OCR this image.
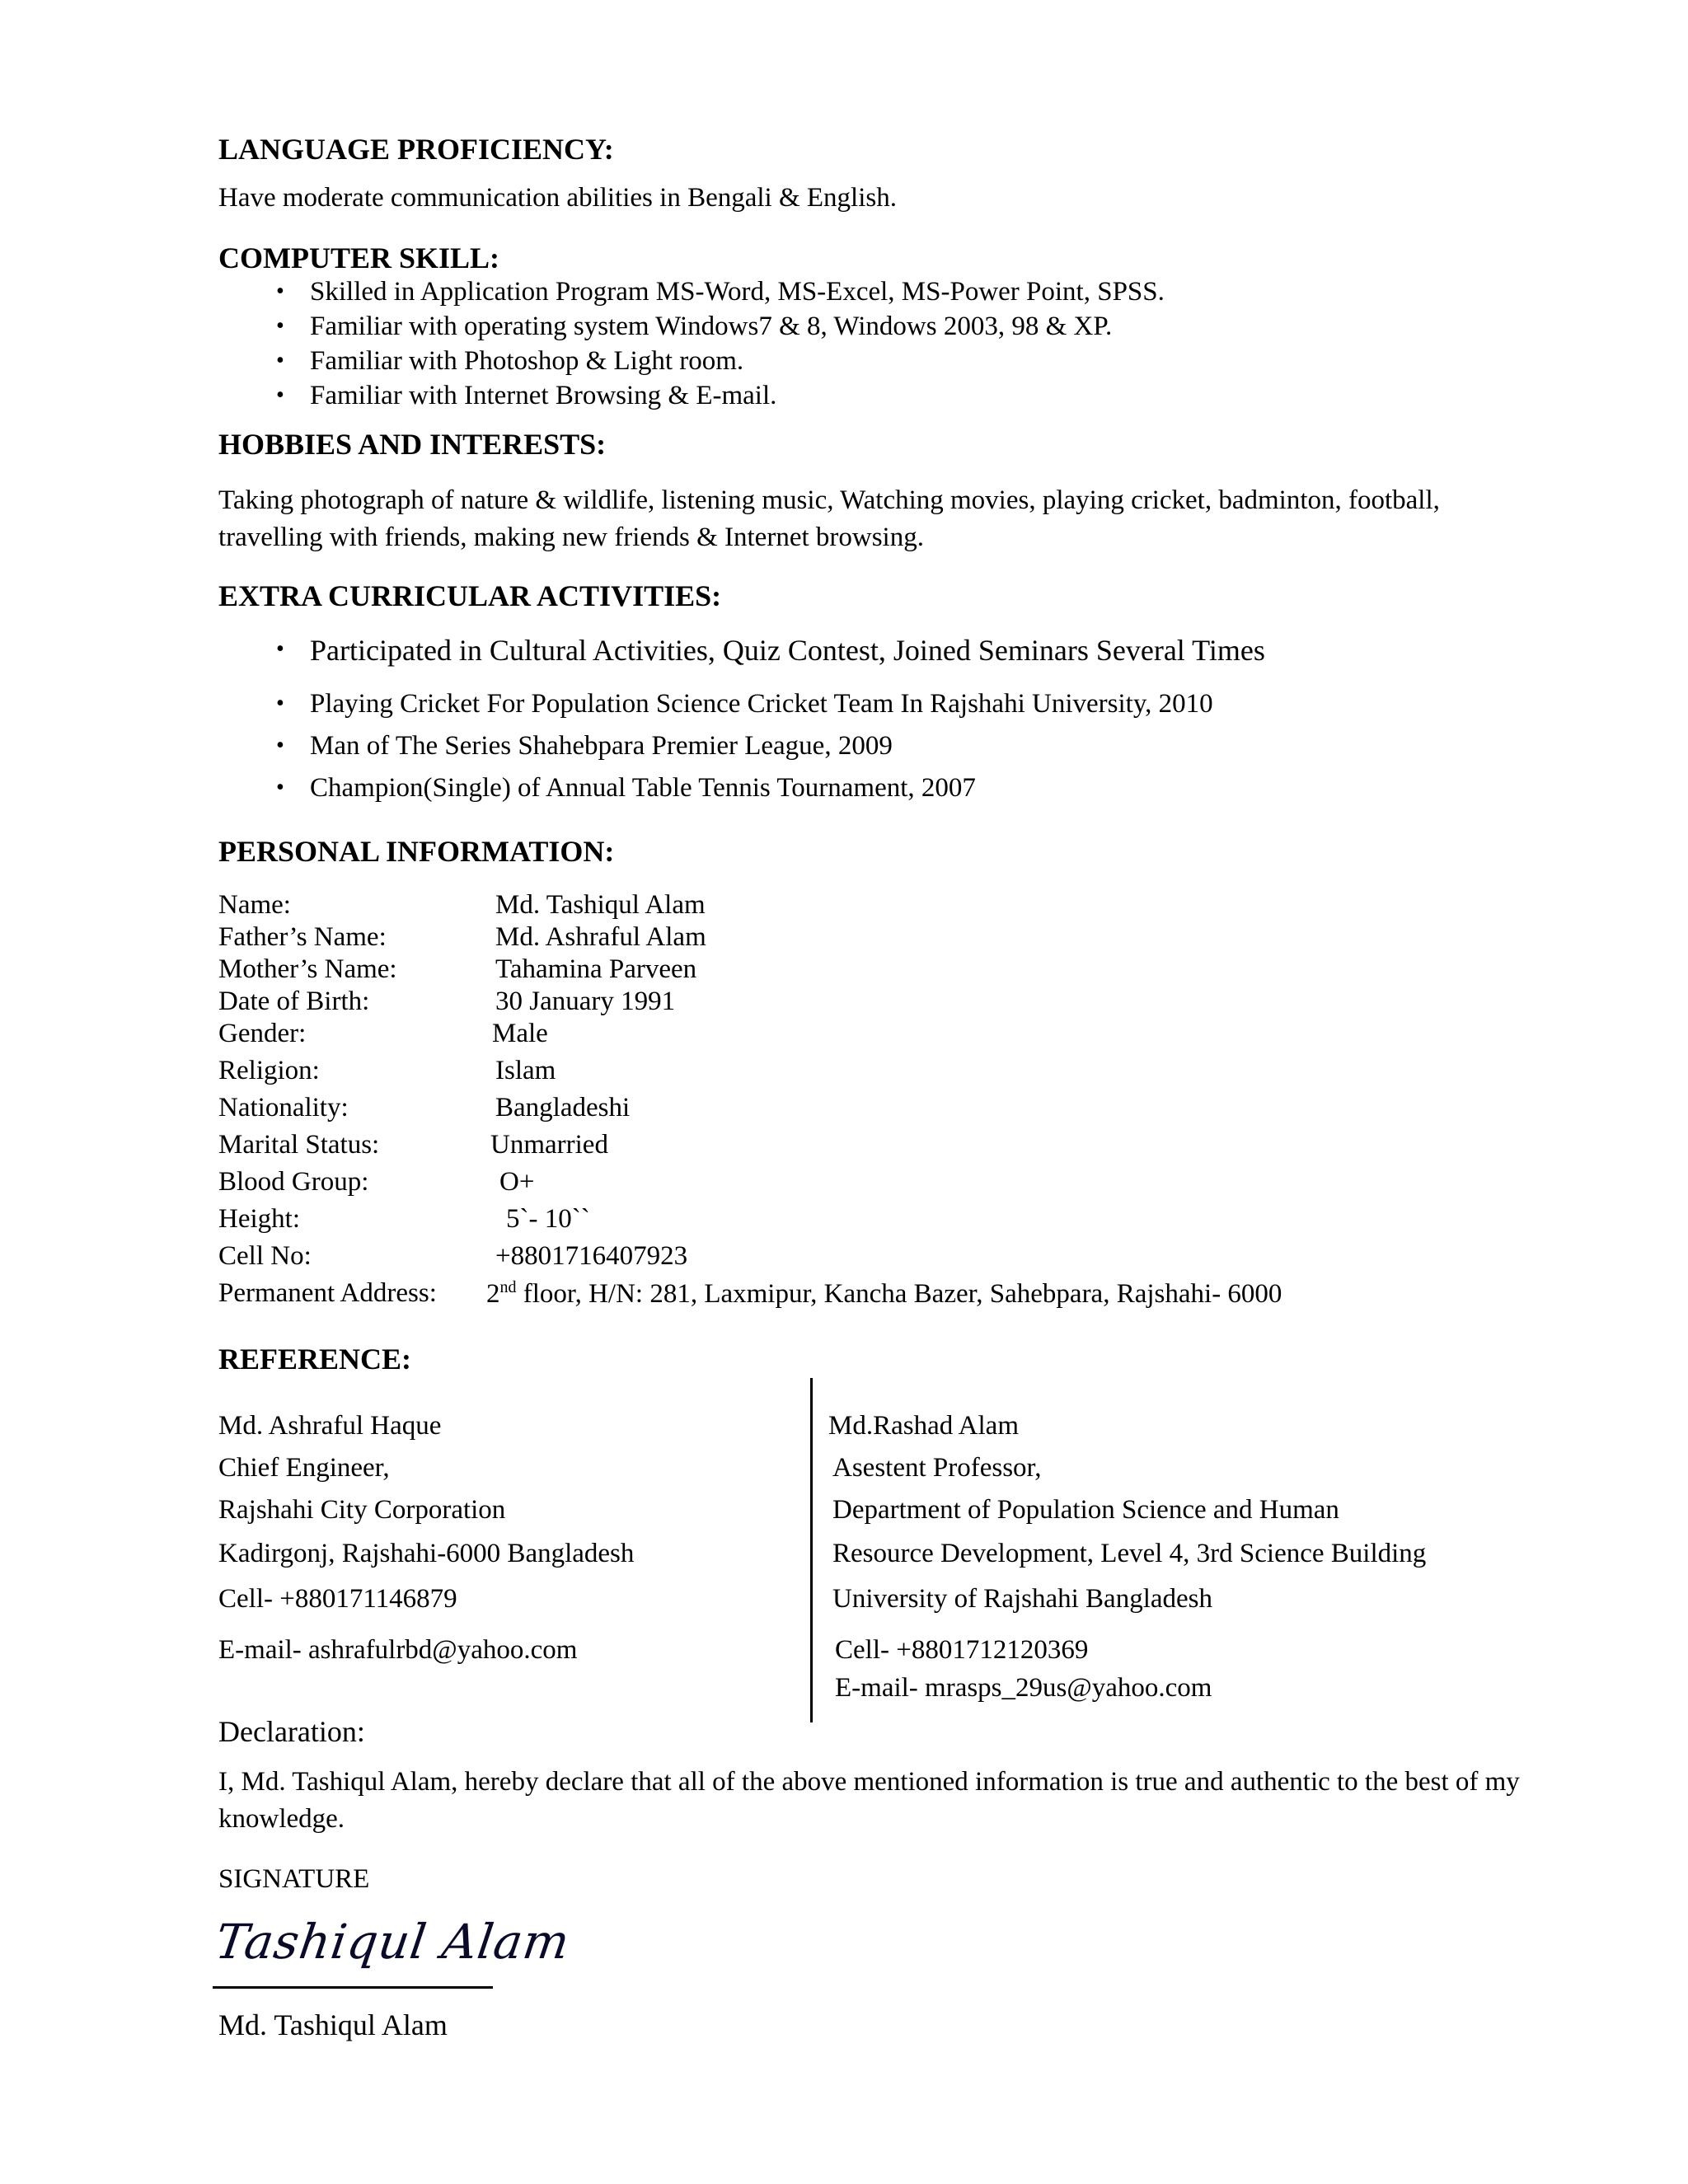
LANGUAGE PROFICIENCY:
Have moderate communication abilities in Bengali & English.
COMPUTER SKILL:
• Skilled in Application Program MS-Word, MS-Excel, MS-Power Point, SPSS.
• Familiar with operating system Windows7 & 8, Windows 2003, 98 & XP.
• Familiar with Photoshop & Light room.
• Familiar with Internet Browsing & E-mail.
HOBBIES AND INTERESTS:
Taking photograph of nature & wildlife, listening music, Watching movies, playing cricket, badminton, football, travelling with friends, making new friends & Internet browsing.
EXTRA CURRICULAR ACTIVITIES:
• Participated in Cultural Activities, Quiz Contest, Joined Seminars Several Times
• Playing Cricket For Population Science Cricket Team In Rajshahi University, 2010
• Man of The Series Shahebpara Premier League, 2009
• Champion(Single) of Annual Table Tennis Tournament, 2007
PERSONAL INFORMATION:
Name:	Md. Tashiqul Alam
Father’s Name:	Md. Ashraful Alam
Mother’s Name:	Tahamina Parveen
Date of Birth:	30 January 1991
Gender:	Male
Religion:	Islam
Nationality:	Bangladeshi
Marital Status:	Unmarried
Blood Group:	O+
Height:	5`- 10``
Cell No:	+8801716407923
Permanent Address: 2nd floor, H/N: 281, Laxmipur, Kancha Bazer, Sahebpara, Rajshahi- 6000
REFERENCE:
Md. Ashraful Haque
Chief Engineer,
Rajshahi City Corporation
Kadirgonj, Rajshahi-6000 Bangladesh
Cell- +880171146879
E-mail- ashrafulrbd@yahoo.com
Md.Rashad Alam
Asestent Professor,
Department of Population Science and Human
Resource Development, Level 4, 3rd Science Building
University of Rajshahi Bangladesh
Cell- +8801712120369
E-mail- mrasps_29us@yahoo.com
Declaration:
I, Md. Tashiqul Alam, hereby declare that all of the above mentioned information is true and authentic to the best of my knowledge.
SIGNATURE
Tashiqul Alam
Md. Tashiqul Alam
